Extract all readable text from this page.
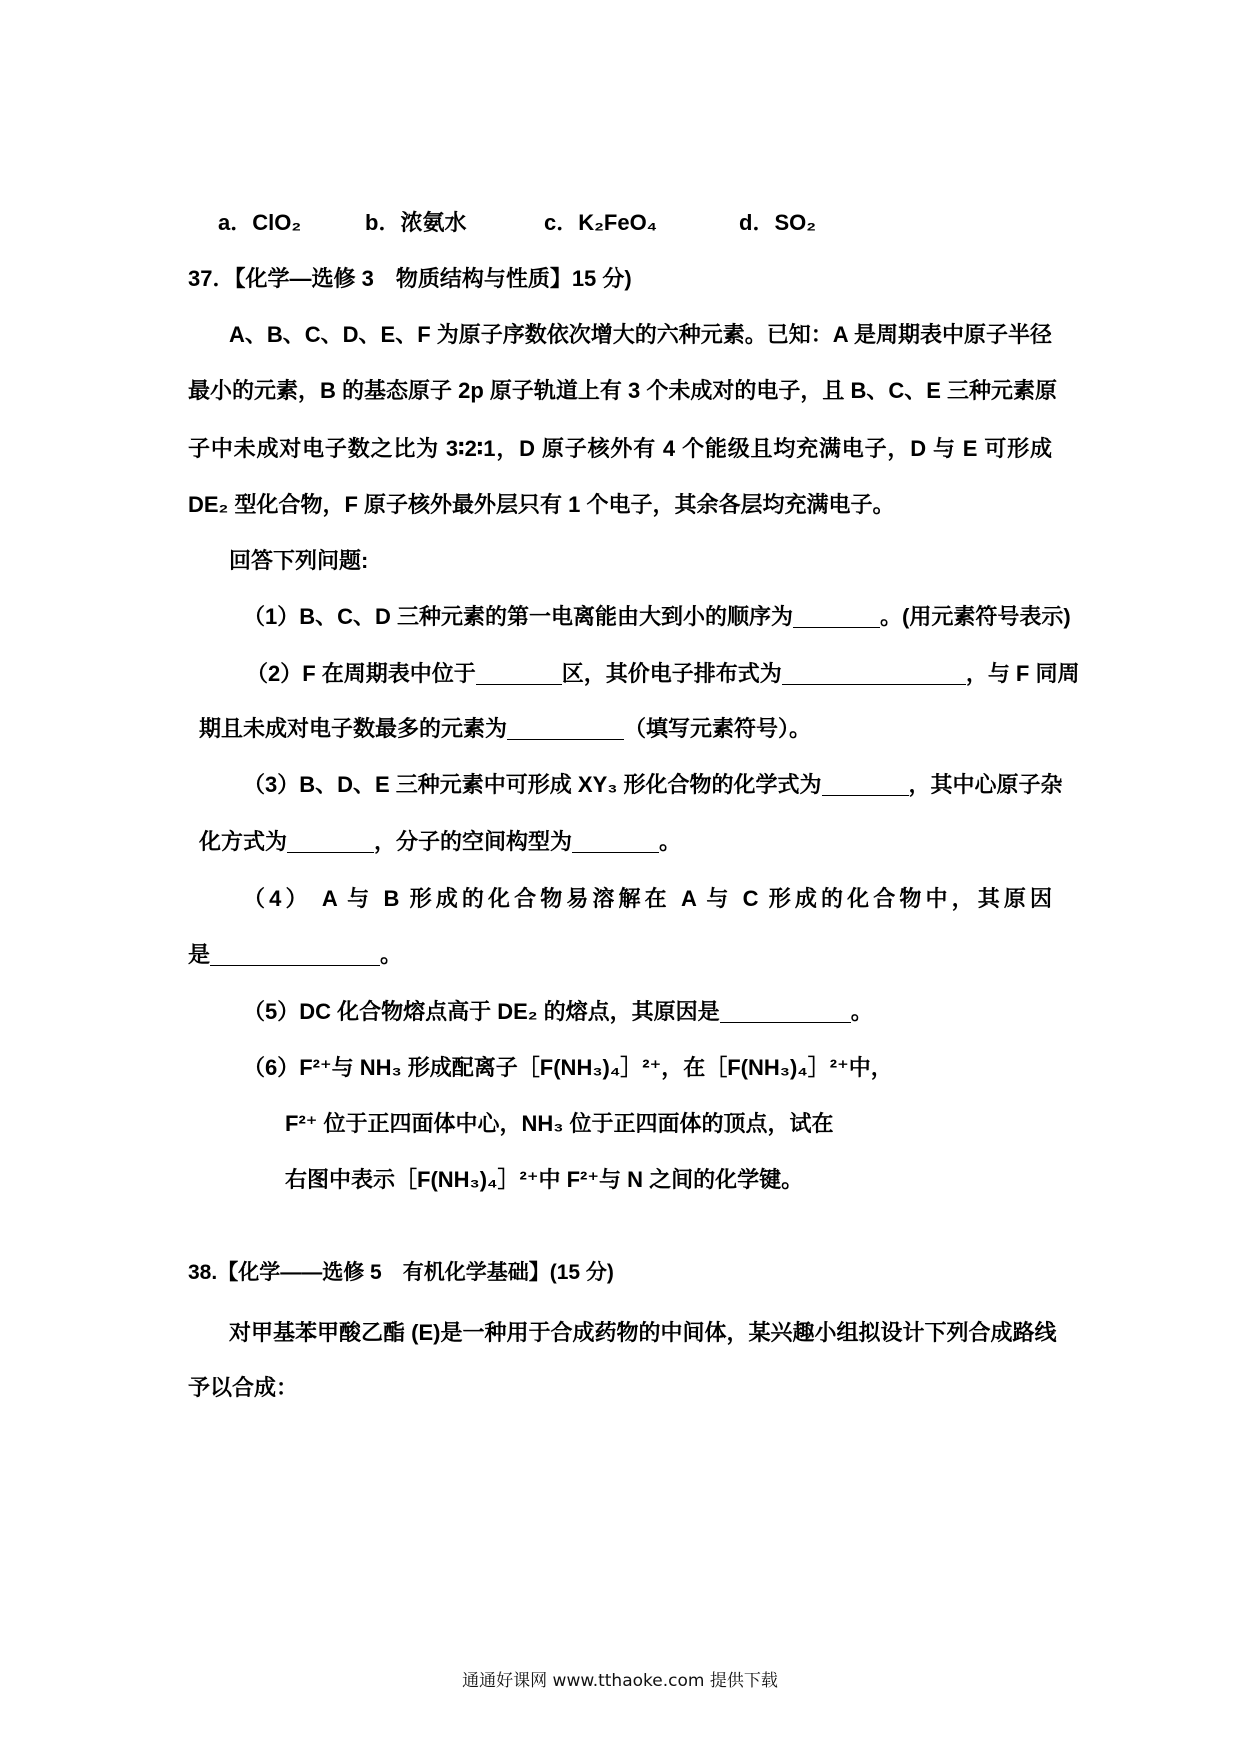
a．ClO₂	b．浓氨水	c．K₂FeO₄	d．SO₂
37．【化学—选修 3　物质结构与性质】15 分)
A、B、C、D、E、F 为原子序数依次增大的六种元素。已知：A 是周期表中原子半径
最小的元素，B 的基态原子 2p 原子轨道上有 3 个未成对的电子，且 B、C、E 三种元素原
子中未成对电子数之比为 3∶2∶1，D 原子核外有 4 个能级且均充满电子，D 与 E 可形成
DE₂ 型化合物，F 原子核外最外层只有 1 个电子，其余各层均充满电子。
回答下列问题:
（1）B、C、D 三种元素的第一电离能由大到小的顺序为	。(用元素符号表示)
（2）F 在周期表中位于	区，其价电子排布式为	，与 F 同周
期且未成对电子数最多的元素为	（填写元素符号）。
（3）B、D、E 三种元素中可形成 XY₃ 形化合物的化学式为	，其中心原子杂
化方式为	，分子的空间构型为	。
（4） A 与 B 形成的化合物易溶解在 A 与 C 形成的化合物中，其原因
是	。
（5）DC 化合物熔点高于 DE₂ 的熔点，其原因是	。
（6）F²⁺与 NH₃ 形成配离子［F(NH₃)₄］²⁺，在［F(NH₃)₄］²⁺中，
F²⁺ 位于正四面体中心，NH₃ 位于正四面体的顶点，试在
右图中表示［F(NH₃)₄］²⁺中 F²⁺与 N 之间的化学键。
38.【化学——选修 5　有机化学基础】(15 分)
对甲基苯甲酸乙酯 (E)是一种用于合成药物的中间体，某兴趣小组拟设计下列合成路线
予以合成：
通通好课网 www.tthaoke.com 提供下载
